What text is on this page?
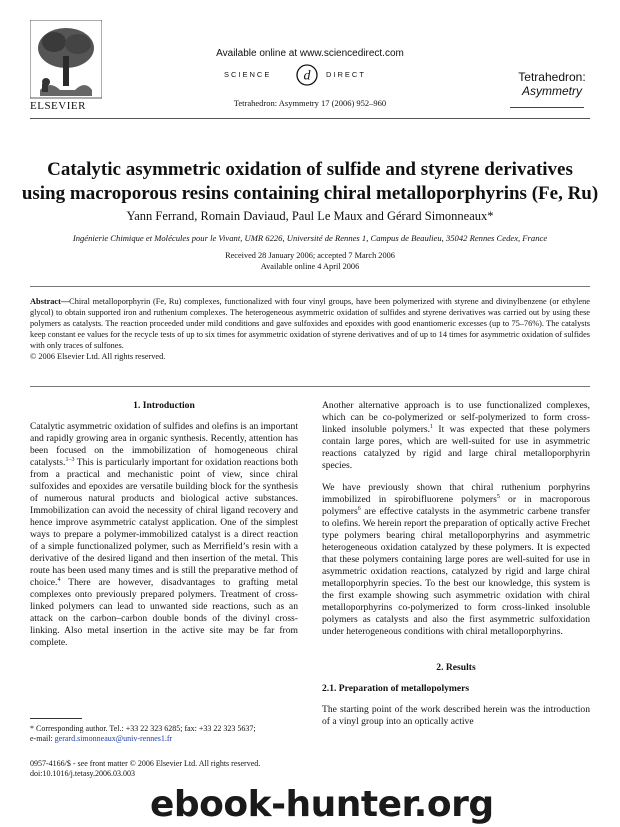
ELSEVIER
Available online at www.sciencedirect.com
SCIENCE d DIRECT
Tetrahedron: Asymmetry 17 (2006) 952–960
Tetrahedron:
Asymmetry
Catalytic asymmetric oxidation of sulfide and styrene derivatives
using macroporous resins containing chiral metalloporphyrins (Fe, Ru)
Yann Ferrand, Romain Daviaud, Paul Le Maux and Gérard Simonneaux*
Ingénierie Chimique et Molécules pour le Vivant, UMR 6226, Université de Rennes 1, Campus de Beaulieu, 35042 Rennes Cedex, France
Received 28 January 2006; accepted 7 March 2006
Available online 4 April 2006
Abstract—Chiral metalloporphyrin (Fe, Ru) complexes, functionalized with four vinyl groups, have been polymerized with styrene and divinylbenzene (or ethylene glycol) to obtain supported iron and ruthenium complexes. The heterogeneous asymmetric oxidation of sulfides and styrene derivatives was carried out by using these polymers as catalysts. The reaction proceeded under mild conditions and gave sulfoxides and epoxides with good enantiomeric excesses (up to 75–76%). The catalysts keep constant ee values for the recycle tests of up to six times for asymmetric oxidation of styrene derivatives and of up to 14 times for asymmetric oxidation of sulfides with only traces of sulfones.
© 2006 Elsevier Ltd. All rights reserved.
1. Introduction

Catalytic asymmetric oxidation of sulfides and olefins is an important and rapidly growing area in organic synthesis. Recently, attention has been focused on the immobilization of homogeneous chiral catalysts.$^{1-3}$ This is particularly important for oxidation reactions both from a practical and mechanistic point of view, since chiral sulfoxides and epoxides are versatile building block for the synthesis of numerous natural products and biological active substances. Immobilization can avoid the necessity of chiral ligand recovery and hence improve asymmetric catalyst application. One of the simplest ways to prepare a polymer-immobilized catalyst is a direct reaction of a simple functionalized polymer, such as Merrifield’s resin with a derivative of the desired ligand and then insertion of the metal. This route has been used many times and is still the preparative method of choice.$^4$ There are however, disadvantages to grafting metal complexes onto previously prepared polymers. Treatment of cross-linked polymers can lead to unwanted side reactions, such as an attack on the carbon–carbon double bonds of the divinyl cross-linking. Also metal insertion in the active site may be far from complete.

Another alternative approach is to use functionalized complexes, which can be co-polymerized or self-polymerized to form cross-linked insoluble polymers.$^1$ It was expected that these polymers contain large pores, which are well-suited for use in asymmetric reactions catalyzed by rigid and large chiral metalloporphyrin species.

We have previously shown that chiral ruthenium porphyrins immobilized in spirobifluorene polymers$^5$ or in macroporous polymers$^6$ are effective catalysts in the asymmetric carbene transfer to olefins. We herein report the preparation of optically active Frechet type polymers bearing chiral metalloporphyrins and asymmetric heterogeneous oxidation catalyzed by these polymers. It is expected that these polymers containing large pores are well-suited for use in asymmetric oxidation reactions, catalyzed by rigid and large chiral metalloporphyrin species. To the best our knowledge, this system is the first example showing such asymmetric oxidation with chiral metalloporphyrins co-polymerized to form cross-linked insoluble polymers as catalysts and also the first asymmetric sulfoxidation under heterogeneous conditions with chiral metalloporphyrins.

2. Results
2.1. Preparation of metallopolymers

The starting point of the work described herein was the introduction of a vinyl group into an optically active

* Corresponding author. Tel.: +33 22 323 6285; fax: +33 22 323 5637;
e-mail: gerard.simonneaux@univ-rennes1.fr
0957-4166/$ - see front matter © 2006 Elsevier Ltd. All rights reserved.
doi:10.1016/j.tetasy.2006.03.003
ebook-hunter.org
